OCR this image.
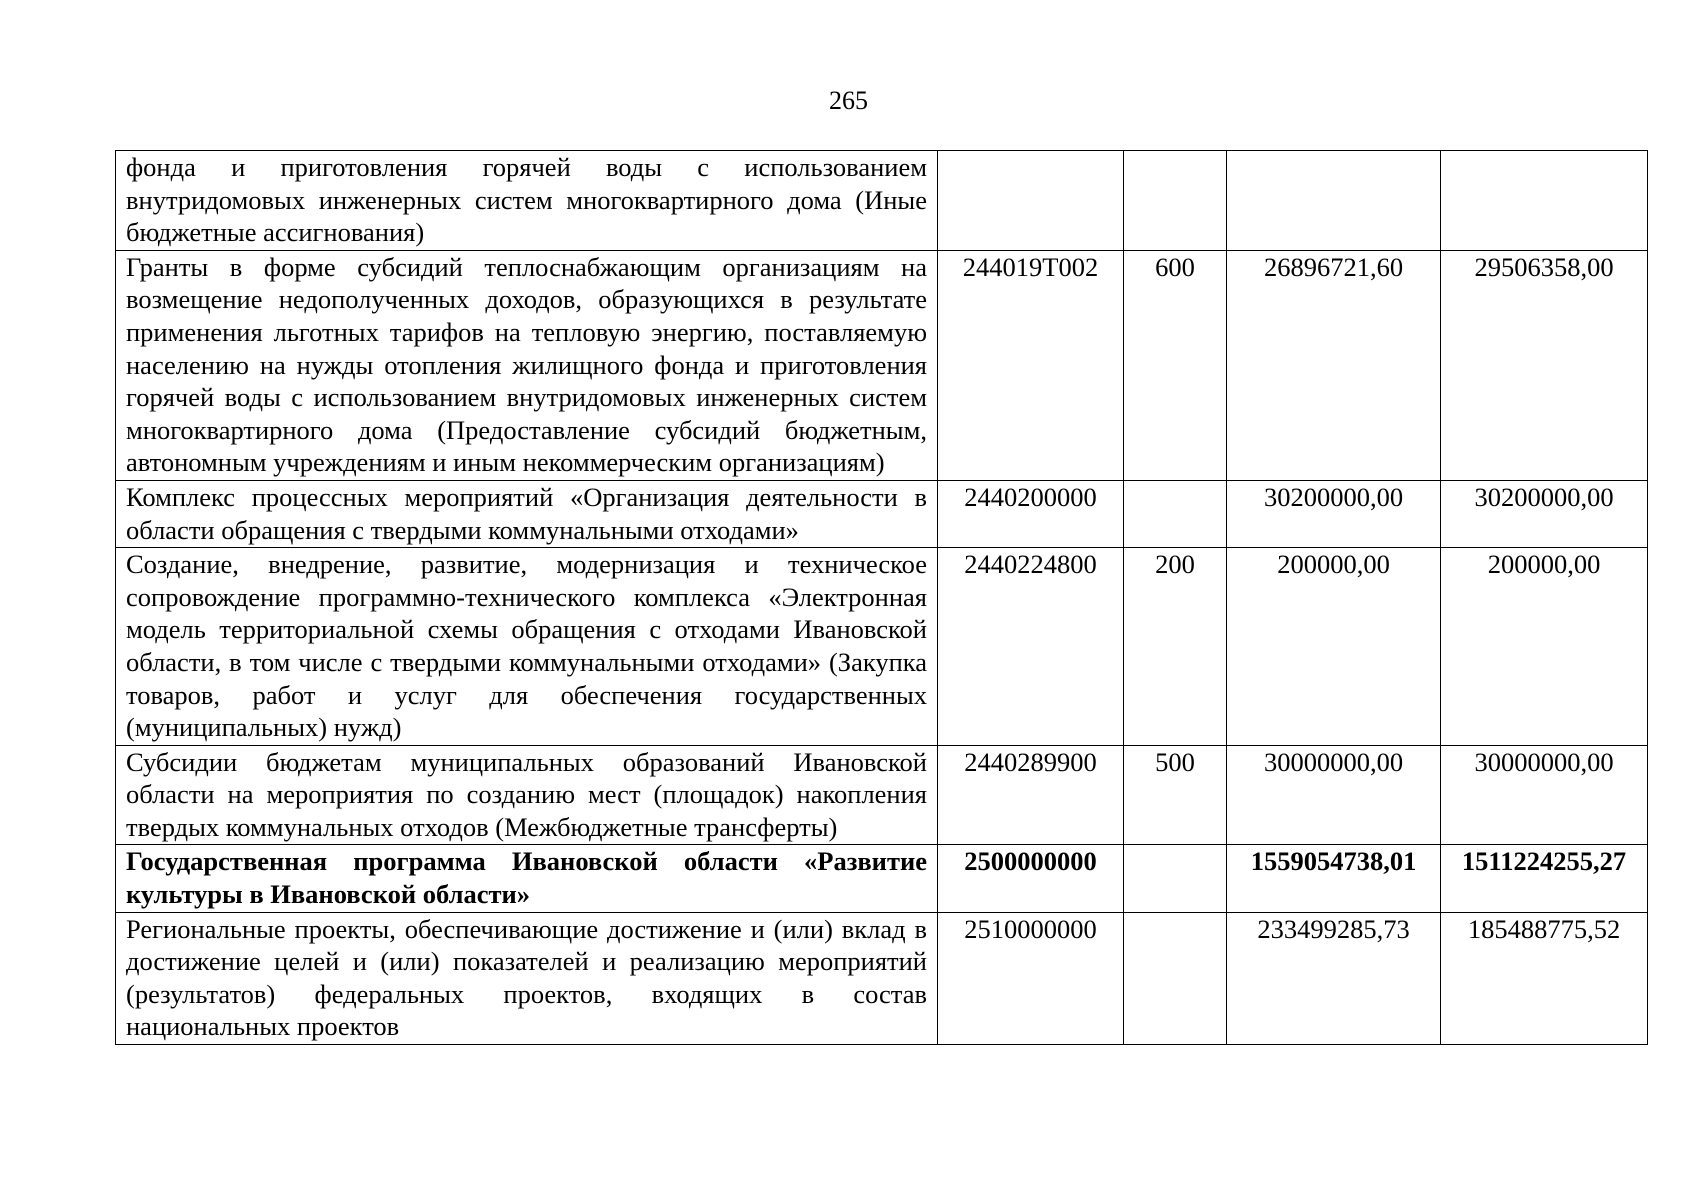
265
фонда и приготовления горячей воды с использованием внутридомовых инженерных систем многоквартирного дома (Иные бюджетные ассигнования)				
Гранты в форме субсидий теплоснабжающим организациям на возмещение недополученных доходов, образующихся в результате применения льготных тарифов на тепловую энергию, поставляемую населению на нужды отопления жилищного фонда и приготовления горячей воды с использованием внутридомовых инженерных систем многоквартирного дома (Предоставление субсидий бюджетным, автономным учреждениям и иным некоммерческим организациям)	244019Т002	600	26896721,60	29506358,00
Комплекс процессных мероприятий «Организация деятельности в области обращения с твердыми коммунальными отходами»	2440200000		30200000,00	30200000,00
Создание, внедрение, развитие, модернизация и техническое сопровождение программно-технического комплекса «Электронная модель территориальной схемы обращения с отходами Ивановской области, в том числе с твердыми коммунальными отходами» (Закупка товаров, работ и услуг для обеспечения государственных (муниципальных) нужд)	2440224800	200	200000,00	200000,00
Субсидии бюджетам муниципальных образований Ивановской области на мероприятия по созданию мест (площадок) накопления твердых коммунальных отходов (Межбюджетные трансферты)	2440289900	500	30000000,00	30000000,00
Государственная программа Ивановской области «Развитие культуры в Ивановской области»	2500000000		1559054738,01	1511224255,27
Региональные проекты, обеспечивающие достижение и (или) вклад в достижение целей и (или) показателей и реализацию мероприятий (результатов) федеральных проектов, входящих в состав национальных проектов	2510000000		233499285,73	185488775,52
